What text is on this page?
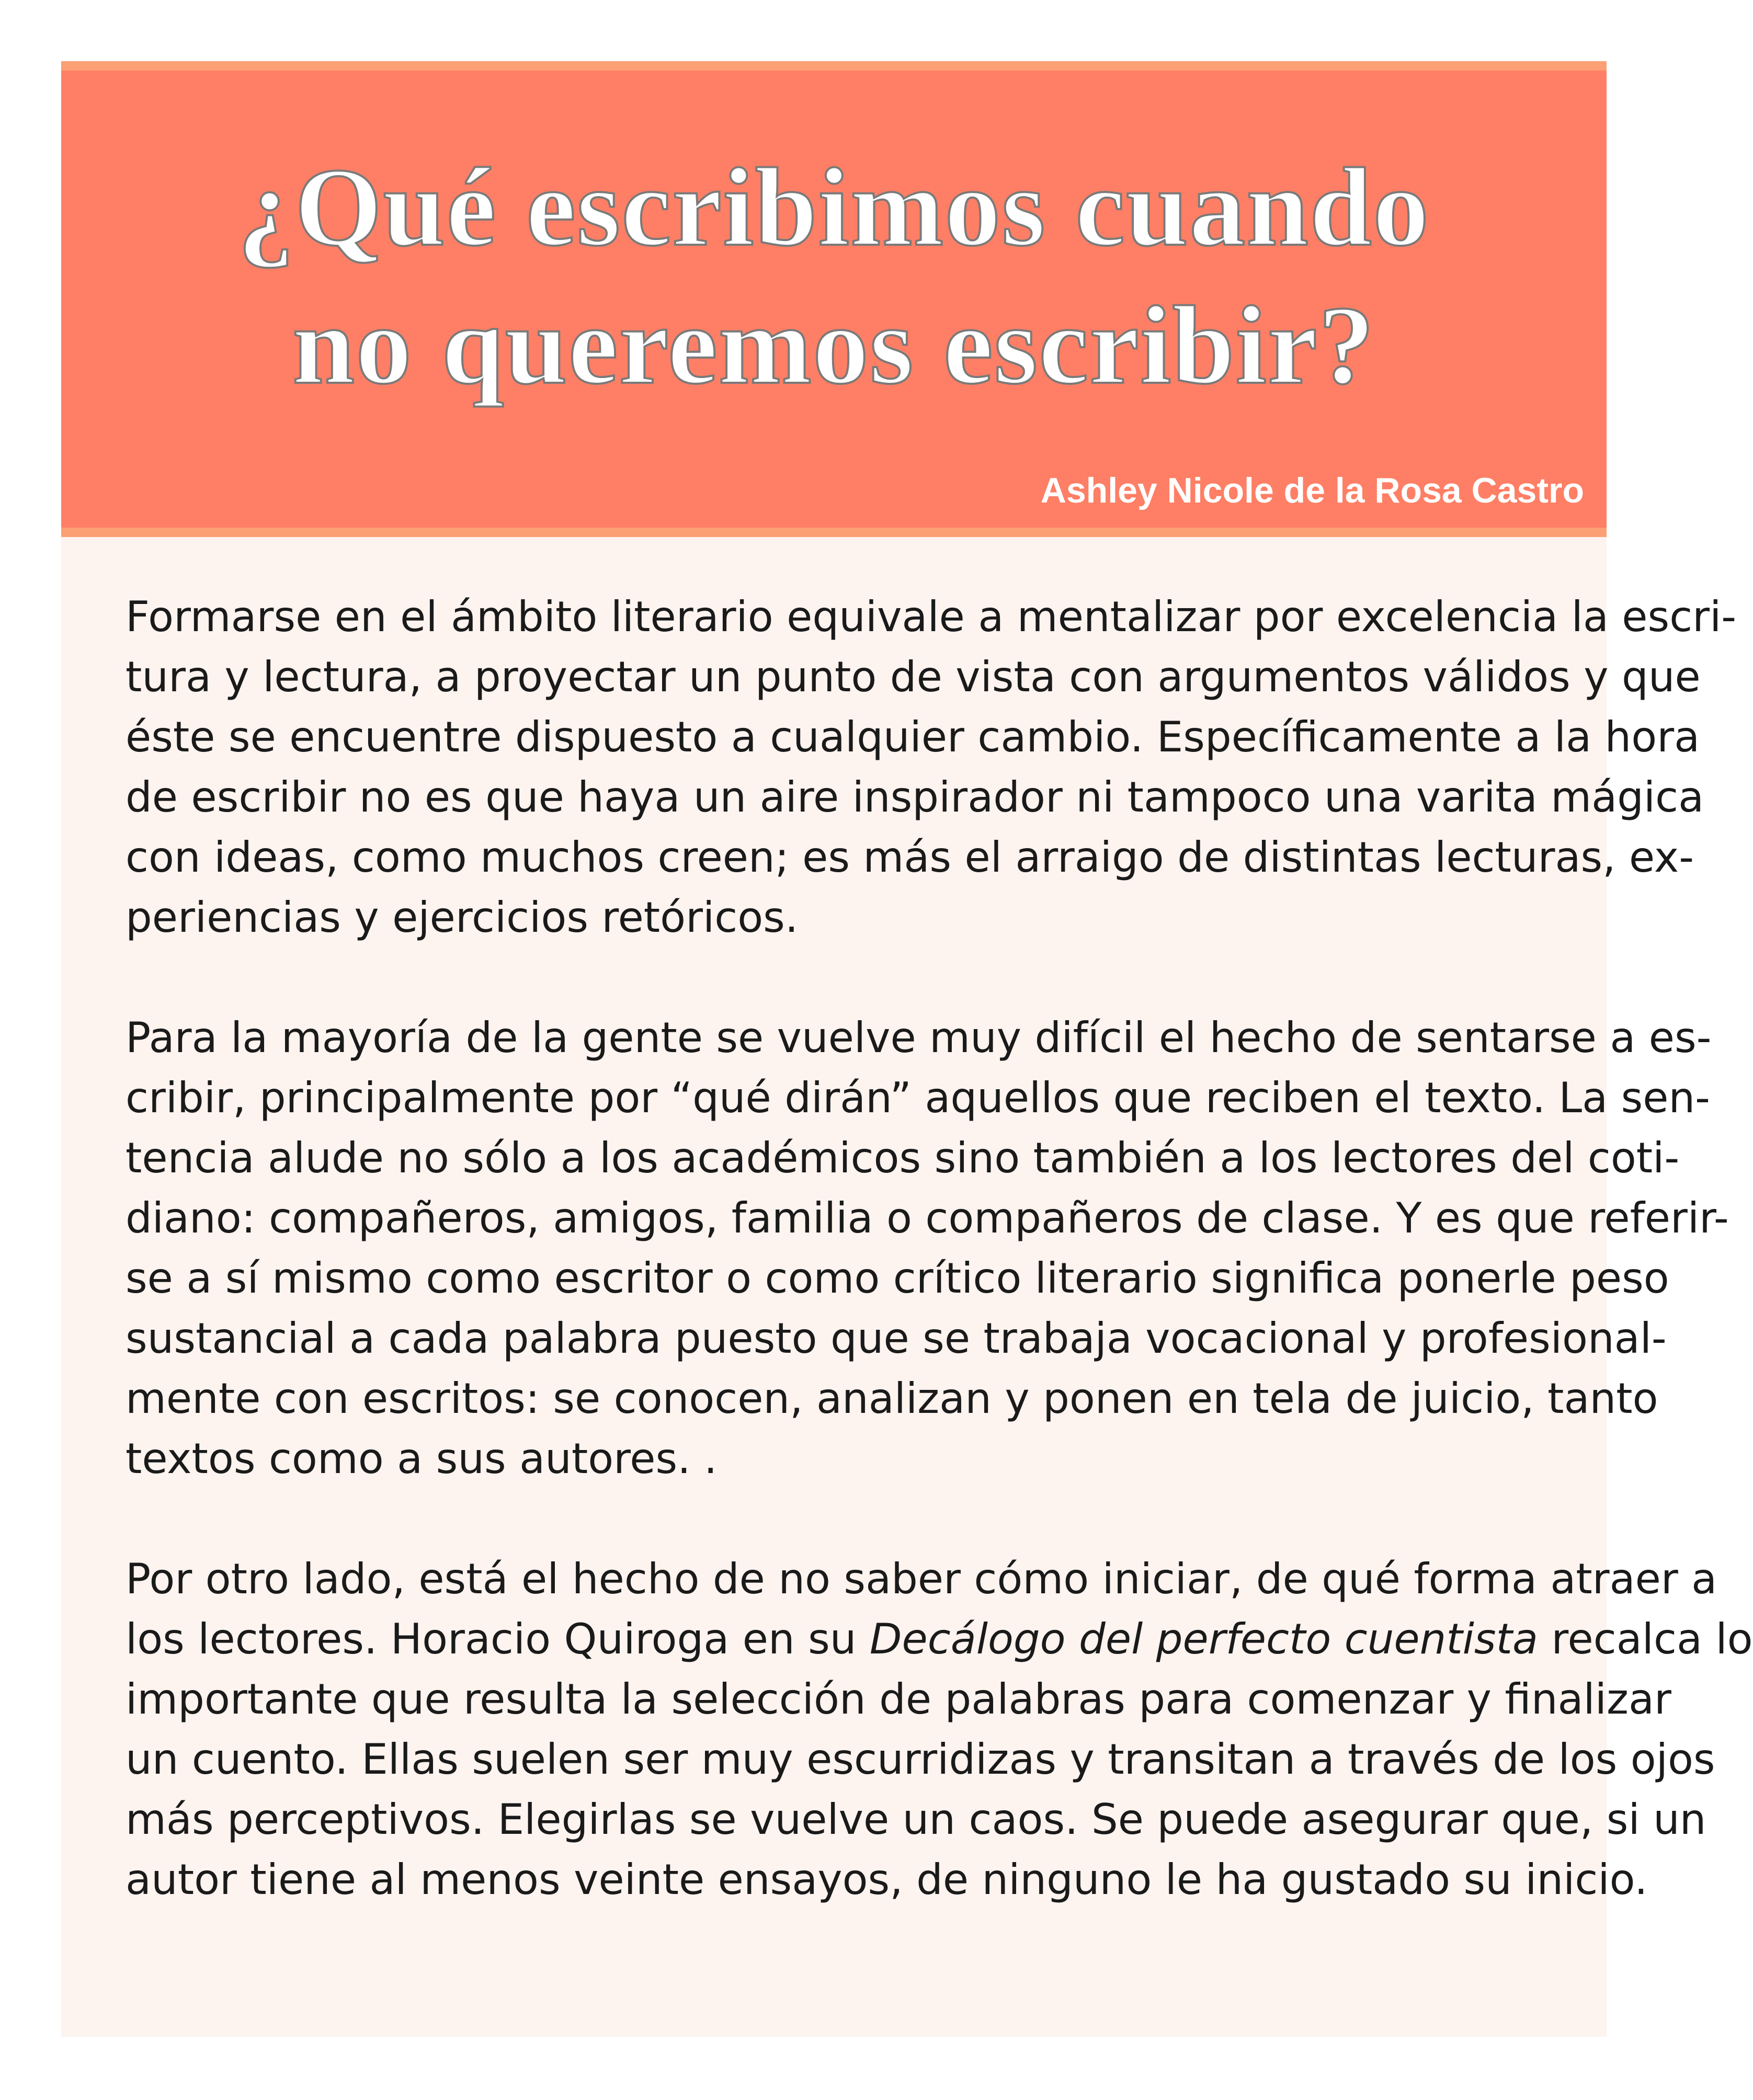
¿Qué escribimos cuando
no queremos escribir?

Ashley Nicole de la Rosa Castro

Formarse en el ámbito literario equivale a mentalizar por excelencia la escri-
tura y lectura, a proyectar un punto de vista con argumentos válidos y que
éste se encuentre dispuesto a cualquier cambio. Específicamente a la hora
de escribir no es que haya un aire inspirador ni tampoco una varita mágica
con ideas, como muchos creen; es más el arraigo de distintas lecturas, ex-
periencias y ejercicios retóricos.

Para la mayoría de la gente se vuelve muy difícil el hecho de sentarse a es-
cribir, principalmente por “qué dirán” aquellos que reciben el texto. La sen-
tencia alude no sólo a los académicos sino también a los lectores del coti-
diano: compañeros, amigos, familia o compañeros de clase. Y es que referir-
se a sí mismo como escritor o como crítico literario significa ponerle peso
sustancial a cada palabra puesto que se trabaja vocacional y profesional-
mente con escritos: se conocen, analizan y ponen en tela de juicio, tanto
textos como a sus autores. .

Por otro lado, está el hecho de no saber cómo iniciar, de qué forma atraer a
los lectores. Horacio Quiroga en su Decálogo del perfecto cuentista recalca lo
importante que resulta la selección de palabras para comenzar y finalizar
un cuento. Ellas suelen ser muy escurridizas y transitan a través de los ojos
más perceptivos. Elegirlas se vuelve un caos. Se puede asegurar que, si un
autor tiene al menos veinte ensayos, de ninguno le ha gustado su inicio.
